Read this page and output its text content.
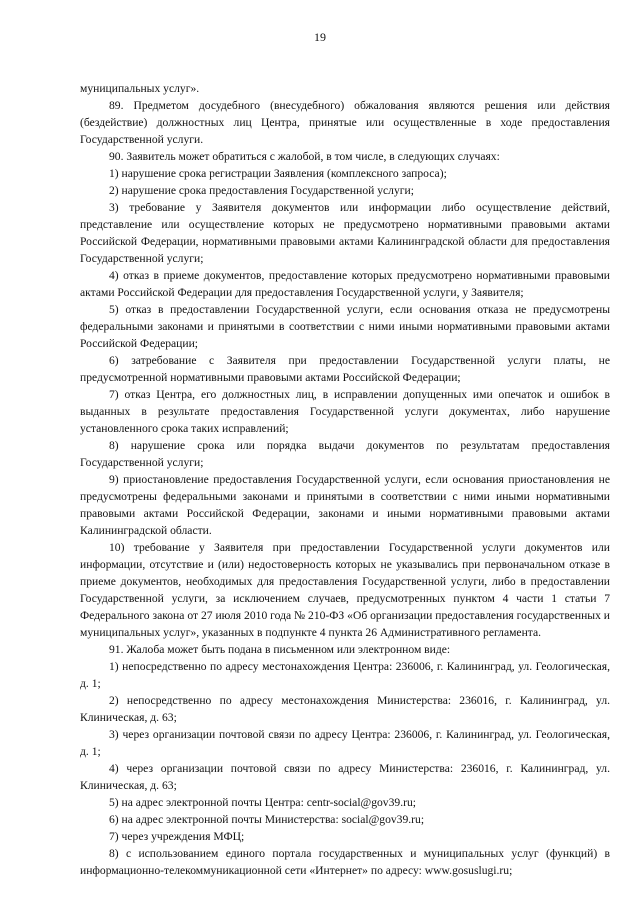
19

муниципальных услуг».

89. Предметом досудебного (внесудебного) обжалования являются решения или действия (бездействие) должностных лиц Центра, принятые или осуществленные в ходе предоставления Государственной услуги.

90. Заявитель может обратиться с жалобой, в том числе, в следующих случаях:

1) нарушение срока регистрации Заявления (комплексного запроса);

2) нарушение срока предоставления Государственной услуги;

3) требование у Заявителя документов или информации либо осуществление действий, представление или осуществление которых не предусмотрено нормативными правовыми актами Российской Федерации, нормативными правовыми актами Калининградской области для предоставления Государственной услуги;

4) отказ в приеме документов, предоставление которых предусмотрено нормативными правовыми актами Российской Федерации для предоставления Государственной услуги, у Заявителя;

5) отказ в предоставлении Государственной услуги, если основания отказа не предусмотрены федеральными законами и принятыми в соответствии с ними иными нормативными правовыми актами Российской Федерации;

6) затребование с Заявителя при предоставлении Государственной услуги платы, не предусмотренной нормативными правовыми актами Российской Федерации;

7) отказ Центра, его должностных лиц, в исправлении допущенных ими опечаток и ошибок в выданных в результате предоставления Государственной услуги документах, либо нарушение установленного срока таких исправлений;

8) нарушение срока или порядка выдачи документов по результатам предоставления Государственной услуги;

9) приостановление предоставления Государственной услуги, если основания приостановления не предусмотрены федеральными законами и принятыми в соответствии с ними иными нормативными правовыми актами Российской Федерации, законами и иными нормативными правовыми актами Калининградской области.

10) требование у Заявителя при предоставлении Государственной услуги документов или информации, отсутствие и (или) недостоверность которых не указывались при первоначальном отказе в приеме документов, необходимых для предоставления Государственной услуги, либо в предоставлении Государственной услуги, за исключением случаев, предусмотренных пунктом 4 части 1 статьи 7 Федерального закона от 27 июля 2010 года № 210-ФЗ «Об организации предоставления государственных и муниципальных услуг», указанных в подпункте 4 пункта 26 Административного регламента.

91. Жалоба может быть подана в письменном или электронном виде:

1) непосредственно по адресу местонахождения Центра: 236006, г. Калининград, ул. Геологическая, д. 1;

2) непосредственно по адресу местонахождения Министерства: 236016, г. Калининград, ул. Клиническая, д. 63;

3) через организации почтовой связи по адресу Центра: 236006, г. Калининград, ул. Геологическая, д. 1;

4) через организации почтовой связи по адресу Министерства: 236016, г. Калининград, ул. Клиническая, д. 63;

5) на адрес электронной почты Центра: centr-social@gov39.ru;

6) на адрес электронной почты Министерства: social@gov39.ru;

7) через учреждения МФЦ;

8) с использованием единого портала государственных и муниципальных услуг (функций) в информационно-телекоммуникационной сети «Интернет» по адресу: www.gosuslugi.ru;
